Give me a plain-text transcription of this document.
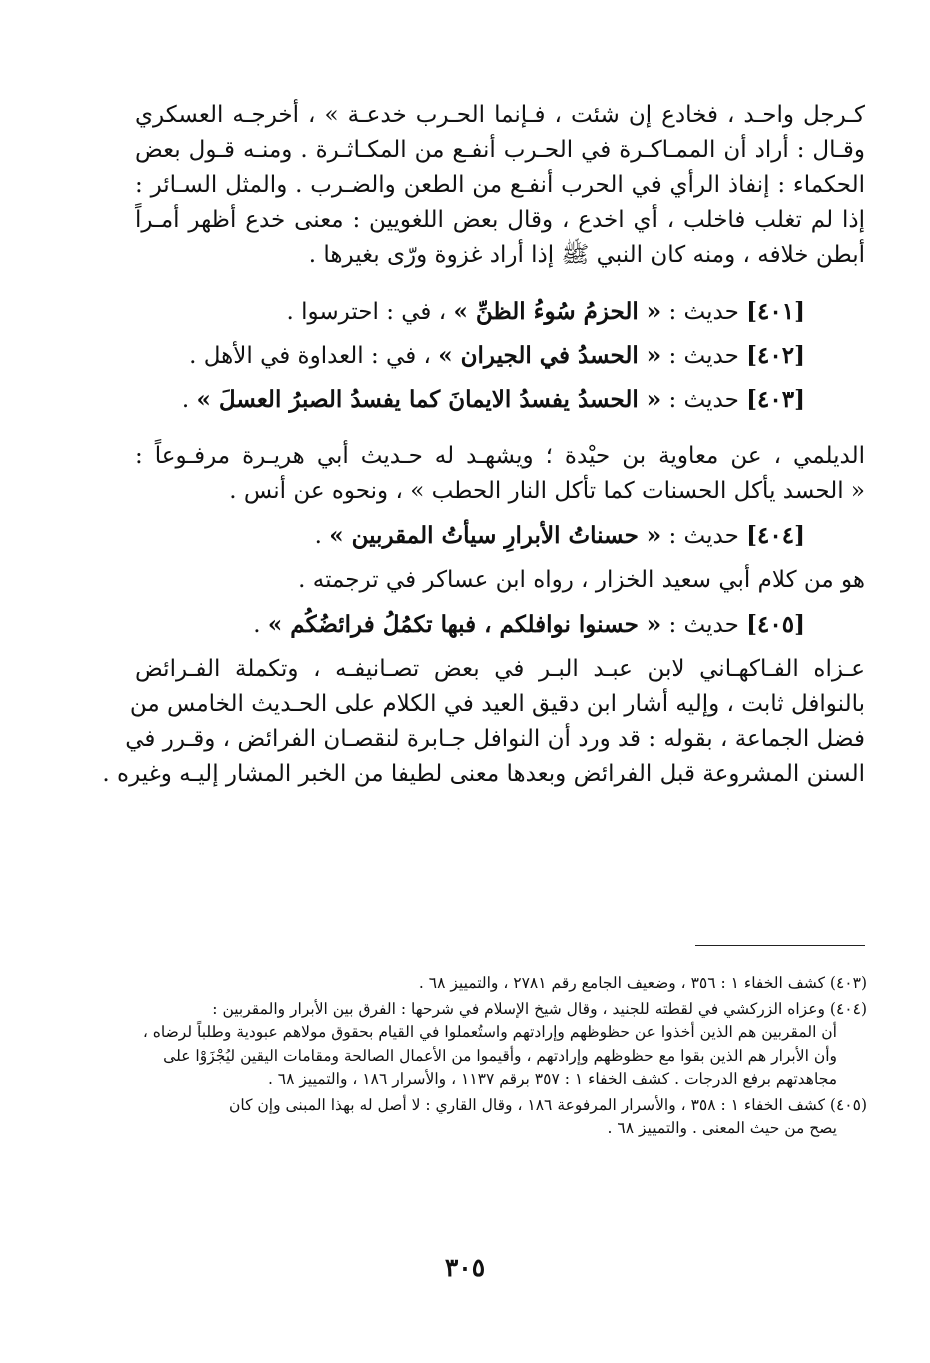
كـرجل واحـد ، فخادع إن شئت ، فـإنما الحـرب خدعـة » ، أخرجـه العسكري
وقـال : أراد أن الممـاكـرة في الحـرب أنفـع من المكـاثـرة . ومنـه قـول بعض
الحكماء : إنفاذ الرأي في الحرب أنفـع من الطعن والضـرب . والمثل السـائر :
إذا لم تغلب فاخلب ، أي اخدع ، وقال بعض اللغويين : معنى خدع أظهر أمـراً
أبطن خلافه ، ومنه كان النبي ﷺ إذا أراد غزوة ورّى بغيرها .
[٤٠١] حديث : « الحزمُ سُوءُ الظنِّ » ، في : احترسوا .
[٤٠٢] حديث : « الحسدُ في الجيران » ، في : العداوة في الأهل .
[٤٠٣] حديث : « الحسدُ يفسدُ الايمانَ كما يفسدُ الصبرُ العسلَ » .
الديلمي ، عن معاوية بن حيْدة ؛ ويشهـد له حـديث أبي هريـرة مرفـوعاً :
« الحسد يأكل الحسنات كما تأكل النار الحطب » ، ونحوه عن أنس .
[٤٠٤] حديث : « حسناتُ الأبرارِ سيأتُ المقربين » .
هو من كلام أبي سعيد الخزار ، رواه ابن عساكر في ترجمته .
[٤٠٥] حديث : « حسنوا نوافلكم ، فبها تكمُلُ فرائضُكُم » .
عـزاه الفـاكهـاني لابن عبـد البـر في بعض تصـانيفـه ، وتكملة الفـرائض
بالنوافل ثابت ، وإليه أشار ابن دقيق العيد في الكلام على الحـديث الخامس من
فضل الجماعة ، بقوله : قد ورد أن النوافل جـابرة لنقصـان الفرائض ، وقـرر في
السنن المشروعة قبل الفرائض وبعدها معنى لطيفا من الخبر المشار إليـه وغيره .
(٤٠٣) كشف الخفاء ١ : ٣٥٦ ، وضعيف الجامع رقم ٢٧٨١ ، والتمييز ٦٨ .
(٤٠٤) وعزاه الزركشي في لقطته للجنيد ، وقال شيخ الإسلام في شرحها : الفرق بين الأبرار والمقربين :
أن المقربين هم الذين أخذوا عن حظوظهم وإرادتهم واستُعملوا في القيام بحقوق مولاهم عبودية وطلباً لرضاه ، وأن الأبرار هم الذين بقوا مع حظوظهم وإرادتهم ، وأقيموا من الأعمال الصالحة ومقامات اليقين ليُجْزَوْا على مجاهدتهم برفع الدرجات . كشف الخفاء ١ : ٣٥٧ برقم ١١٣٧ ، والأسرار ١٨٦ ، والتمييز ٦٨ .
(٤٠٥) كشف الخفاء ١ : ٣٥٨ ، والأسرار المرفوعة ١٨٦ ، وقال القاري : لا أصل له بهذا المبنى وإن كان
يصح من حيث المعنى . والتمييز ٦٨ .
٣٠٥
